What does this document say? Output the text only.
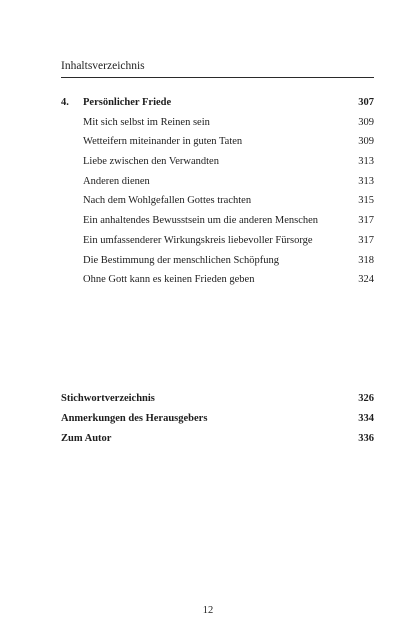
Inhaltsverzeichnis
4. Persönlicher Friede	307
Mit sich selbst im Reinen sein	309
Wetteifern miteinander in guten Taten	309
Liebe zwischen den Verwandten	313
Anderen dienen	313
Nach dem Wohlgefallen Gottes trachten	315
Ein anhaltendes Bewusstsein um die anderen Menschen	317
Ein umfassenderer Wirkungskreis liebevoller Fürsorge	317
Die Bestimmung der menschlichen Schöpfung	318
Ohne Gott kann es keinen Frieden geben	324
Stichwortverzeichnis	326
Anmerkungen des Herausgebers	334
Zum Autor	336
12
